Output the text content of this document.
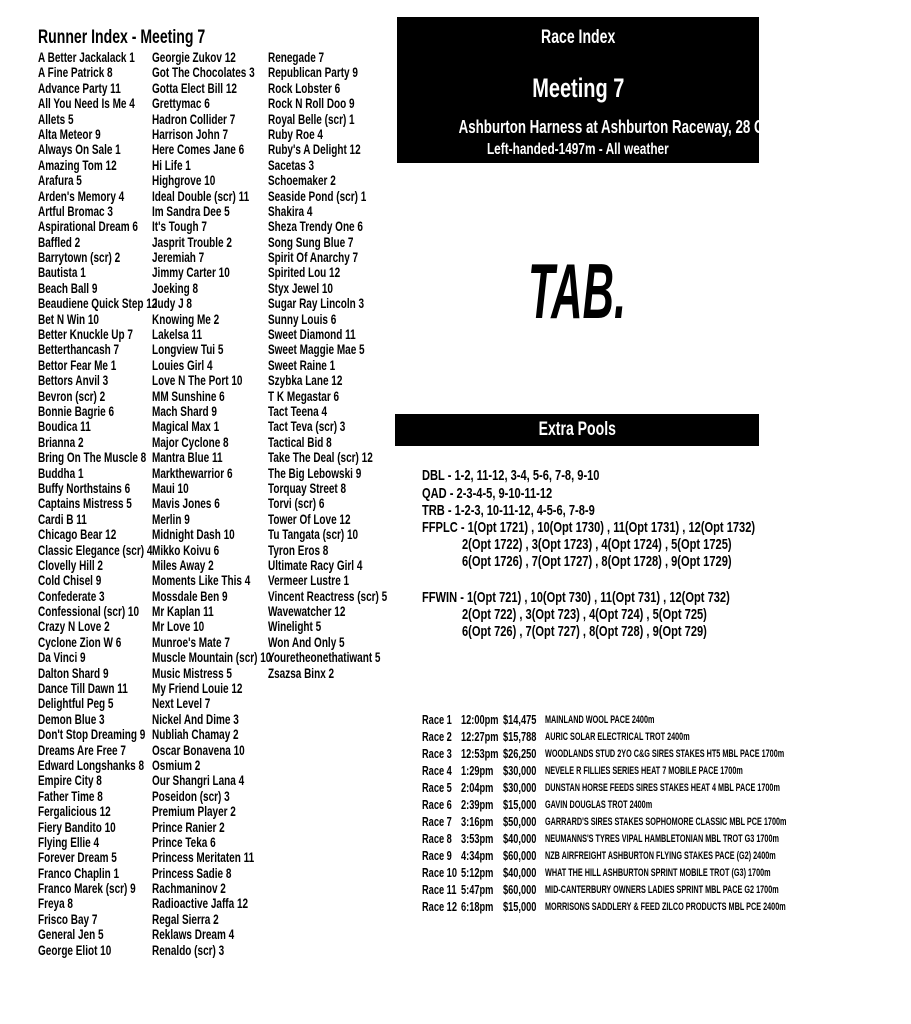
Runner Index - Meeting 7
A Better Jackalack 1
A Fine Patrick 8
Advance Party 11
All You Need Is Me 4
Allets 5
Alta Meteor 9
Always On Sale 1
Amazing Tom 12
Arafura 5
Arden's Memory 4
Artful Bromac 3
Aspirational Dream 6
Baffled 2
Barrytown (scr) 2
Bautista 1
Beach Ball 9
Beaudiene Quick Step 12
Bet N Win 10
Better Knuckle Up 7
Betterthancash 7
Bettor Fear Me 1
Bettors Anvil 3
Bevron (scr) 2
Bonnie Bagrie 6
Boudica 11
Brianna 2
Bring On The Muscle 8
Buddha 1
Buffy Northstains 6
Captains Mistress 5
Cardi B 11
Chicago Bear 12
Classic Elegance (scr) 4
Clovelly Hill 2
Cold Chisel 9
Confederate 3
Confessional (scr) 10
Crazy N Love 2
Cyclone Zion W 6
Da Vinci 9
Dalton Shard 9
Dance Till Dawn 11
Delightful Peg 5
Demon Blue 3
Don't Stop Dreaming 9
Dreams Are Free 7
Edward Longshanks 8
Empire City 8
Father Time 8
Fergalicious 12
Fiery Bandito 10
Flying Ellie 4
Forever Dream 5
Franco Chaplin 1
Franco Marek (scr) 9
Freya 8
Frisco Bay 7
General Jen 5
George Eliot 10
Georgie Zukov 12
Got The Chocolates 3
Gotta Elect Bill 12
Grettymac 6
Hadron Collider 7
Harrison John 7
Here Comes Jane 6
Hi Life 1
Highgrove 10
Ideal Double (scr) 11
Im Sandra Dee 5
It's Tough 7
Jasprit Trouble 2
Jeremiah 7
Jimmy Carter 10
Joeking 8
Judy J 8
Knowing Me 2
Lakelsa 11
Longview Tui 5
Louies Girl 4
Love N The Port 10
MM Sunshine 6
Mach Shard 9
Magical Max 1
Major Cyclone 8
Mantra Blue 11
Markthewarrior 6
Maui 10
Mavis Jones 6
Merlin 9
Midnight Dash 10
Mikko Koivu 6
Miles Away 2
Moments Like This 4
Mossdale Ben 9
Mr Kaplan 11
Mr Love 10
Munroe's Mate 7
Muscle Mountain (scr) 10
Music Mistress 5
My Friend Louie 12
Next Level 7
Nickel And Dime 3
Nubliah Chamay 2
Oscar Bonavena 10
Osmium 2
Our Shangri Lana 4
Poseidon (scr) 3
Premium Player 2
Prince Ranier 2
Prince Teka 6
Princess Meritaten 11
Princess Sadie 8
Rachmaninov 2
Radioactive Jaffa 12
Regal Sierra 2
Reklaws Dream 4
Renaldo (scr) 3
Renegade 7
Republican Party 9
Rock Lobster 6
Rock N Roll Doo 9
Royal Belle (scr) 1
Ruby Roe 4
Ruby's A Delight 12
Sacetas 3
Schoemaker 2
Seaside Pond (scr) 1
Shakira 4
Sheza Trendy One 6
Song Sung Blue 7
Spirit Of Anarchy 7
Spirited Lou 12
Styx Jewel 10
Sugar Ray Lincoln 3
Sunny Louis 6
Sweet Diamond 11
Sweet Maggie Mae 5
Sweet Raine 1
Szybka Lane 12
T K Megastar 6
Tact Teena 4
Tact Teva (scr) 3
Tactical Bid 8
Take The Deal (scr) 12
The Big Lebowski 9
Torquay Street 8
Torvi (scr) 6
Tower Of Love 12
Tu Tangata (scr) 10
Tyron Eros 8
Ultimate Racy Girl 4
Vermeer Lustre 1
Vincent Reactress (scr) 5
Wavewatcher 12
Winelight 5
Won And Only 5
Youretheonethatiwant 5
Zsazsa Binx 2
Race Index
Meeting 7
Ashburton Harness at Ashburton Raceway, 28 Oct 2024
Left-handed-1497m - All weather
TAB.
Extra Pools
DBL - 1-2, 11-12, 3-4, 5-6, 7-8, 9-10
QAD - 2-3-4-5, 9-10-11-12
TRB - 1-2-3, 10-11-12, 4-5-6, 7-8-9
FFPLC - 1(Opt 1721) , 10(Opt 1730) , 11(Opt 1731) , 12(Opt 1732)
2(Opt 1722) , 3(Opt 1723) , 4(Opt 1724) , 5(Opt 1725)
6(Opt 1726) , 7(Opt 1727) , 8(Opt 1728) , 9(Opt 1729)
FFWIN - 1(Opt 721) , 10(Opt 730) , 11(Opt 731) , 12(Opt 732)
2(Opt 722) , 3(Opt 723) , 4(Opt 724) , 5(Opt 725)
6(Opt 726) , 7(Opt 727) , 8(Opt 728) , 9(Opt 729)
Race 1 12:00pm $14,475 MAINLAND WOOL PACE 2400m
Race 2 12:27pm $15,788 AURIC SOLAR ELECTRICAL TROT 2400m
Race 3 12:53pm $26,250 WOODLANDS STUD 2YO C&G SIRES STAKES HT5 MBL PACE 1700m
Race 4 1:29pm $30,000 NEVELE R FILLIES SERIES HEAT 7 MOBILE PACE 1700m
Race 5 2:04pm $30,000 DUNSTAN HORSE FEEDS SIRES STAKES HEAT 4 MBL PACE 1700m
Race 6 2:39pm $15,000 GAVIN DOUGLAS TROT 2400m
Race 7 3:16pm $50,000 GARRARD'S SIRES STAKES SOPHOMORE CLASSIC MBL PCE 1700m
Race 8 3:53pm $40,000 NEUMANNS'S TYRES VIPAL HAMBLETONIAN MBL TROT G3 1700m
Race 9 4:34pm $60,000 NZB AIRFREIGHT ASHBURTON FLYING STAKES PACE (G2) 2400m
Race 10 5:12pm $40,000 WHAT THE HILL ASHBURTON SPRINT MOBILE TROT (G3) 1700m
Race 11 5:47pm $60,000 MID-CANTERBURY OWNERS LADIES SPRINT MBL PACE G2 1700m
Race 12 6:18pm $15,000 MORRISONS SADDLERY & FEED ZILCO PRODUCTS MBL PCE 2400m
